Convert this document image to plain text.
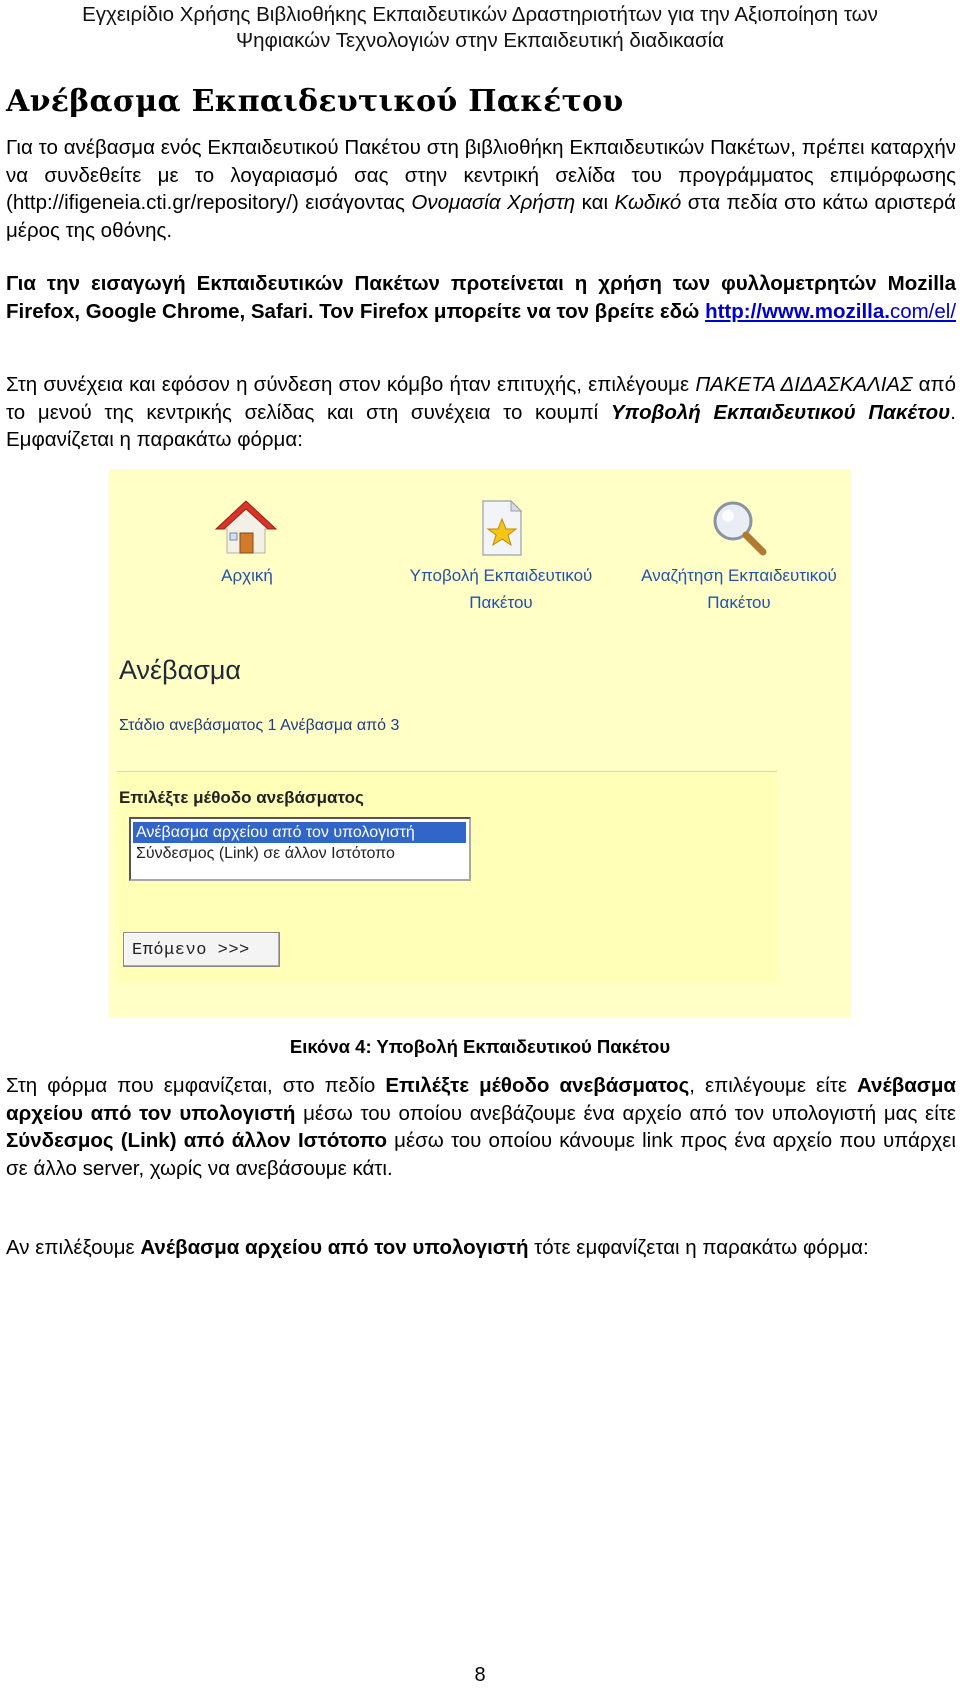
Εγχειρίδιο Χρήσης Βιβλιοθήκης Εκπαιδευτικών Δραστηριοτήτων για την Αξιοποίηση των
Ψηφιακών Τεχνολογιών στην Εκπαιδευτική διαδικασία
Ανέβασμα Εκπαιδευτικού Πακέτου

Για το ανέβασμα ενός Εκπαιδευτικού Πακέτου στη βιβλιοθήκη Εκπαιδευτικών Πακέτων, πρέπει καταρχήν να συνδεθείτε με το λογαριασμό σας στην κεντρική σελίδα του προγράμματος επιμόρφωσης (http://ifigeneia.cti.gr/repository/) εισάγοντας Ονομασία Χρήστη και Κωδικό στα πεδία στο κάτω αριστερά μέρος της οθόνης.

Για την εισαγωγή Εκπαιδευτικών Πακέτων προτείνεται η χρήση των φυλλομετρητών Mozilla Firefox, Google Chrome, Safari. Τον Firefox μπορείτε να τον βρείτε εδώ http://www.mozilla.com/el/

Στη συνέχεια και εφόσον η σύνδεση στον κόμβο ήταν επιτυχής, επιλέγουμε ΠΑΚΕΤΑ ΔΙΔΑΣΚΑΛΙΑΣ από το μενού της κεντρικής σελίδας και στη συνέχεια το κουμπί Υποβολή Εκπαιδευτικού Πακέτου. Εμφανίζεται η παρακάτω φόρμα:

Αρχική	Υποβολή Εκπαιδευτικού
Πακέτου
Αναζήτηση Εκπαιδευτικού
Πακέτου
Ανέβασμα
Στάδιο ανεβάσματος 1 Ανέβασμα από 3
Επιλέξτε μέθοδο ανεβάσματος
Ανέβασμα αρχείου από τον υπολογιστή
Σύνδεσμος (Link) σε άλλον Ιστότοπο
Επόμενο >>>
Εικόνα 4: Υποβολή Εκπαιδευτικού Πακέτου

Στη φόρμα που εμφανίζεται, στο πεδίο Επιλέξτε μέθοδο ανεβάσματος, επιλέγουμε είτε Ανέβασμα αρχείου από τον υπολογιστή μέσω του οποίου ανεβάζουμε ένα αρχείο από τον υπολογιστή μας είτε Σύνδεσμος (Link) από άλλον Ιστότοπο μέσω του οποίου κάνουμε link προς ένα αρχείο που υπάρχει σε άλλο server, χωρίς να ανεβάσουμε κάτι.

Αν επιλέξουμε Ανέβασμα αρχείου από τον υπολογιστή τότε εμφανίζεται η παρακάτω φόρμα:

8
